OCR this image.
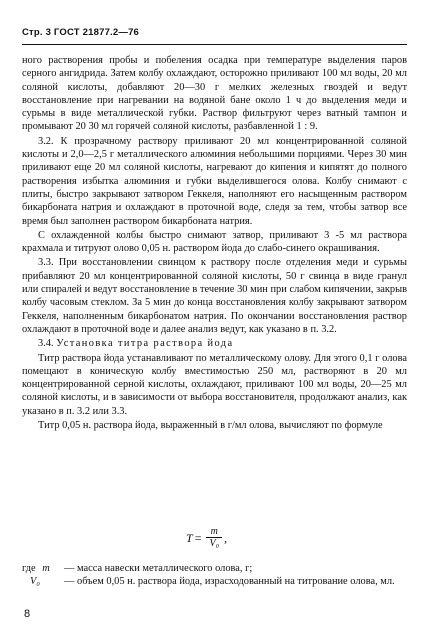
Стр. 3 ГОСТ 21877.2—76

ного растворения пробы и побеления осадка при температуре выделения паров серного ангидрида. Затем колбу охлаждают, осторожно приливают 100 мл воды, 20 мл соляной кислоты, добавляют 20—30 г мелких железных гвоздей и ведут восстановление при нагревании на водяной бане около 1 ч до выделения меди и сурьмы в виде металлической губки. Раствор фильтруют через ватный тампон и промывают 20 30 мл горячей соляной кислоты, разбавленной 1 : 9.

3.2. К прозрачному раствору приливают 20 мл концентрированной соляной кислоты и 2,0—2,5 г металлического алюминия небольшими порциями. Через 30 мин приливают еще 20 мл соляной кислоты, нагревают до кипения и кипятят до полного растворения избытка алюминия и губки выделившегося олова. Колбу снимают с плиты, быстро закрывают затвором Геккеля, наполняют его насыщенным раствором бикарбоната натрия и охлаждают в проточной воде, следя за тем, чтобы затвор все время был заполнен раствором бикарбоната натрия.

С охлажденной колбы быстро снимают затвор, приливают 3 -5 мл раствора крахмала и титруют олово 0,05 н. раствором йода до слабо-синего окрашивания.

3.3. При восстановлении свинцом к раствору после отделения меди и сурьмы прибавляют 20 мл концентрированной соляной кислоты, 50 г свинца в виде гранул или спиралей и ведут восстановление в течение 30 мин при слабом кипячении, закрыв колбу часовым стеклом. За 5 мин до конца восстановления колбу закрывают затвором Геккеля, наполненным бикарбонатом натрия. По окончании восстановления раствор охлаждают в проточной воде и далее анализ ведут, как указано в п. 3.2.

3.4. Установка титра раствора йода

Титр раствора йода устанавливают по металлическому олову. Для этого 0,1 г олова помещают в коническую колбу вместимостью 250 мл, растворяют в 20 мл концентрированной серной кислоты, охлаждают, приливают 100 мл воды, 20—25 мл соляной кислоты, и в зависимости от выбора восстановителя, продолжают анализ, как указано в п. 3.2 или 3.3.

Титр 0,05 н. раствора йода, выраженный в г/мл олова, вычисляют по формуле

$T = \frac{m}{\text{V₀}}$ ,
где m	— масса навески металлического олова, г;
V₀	— объем 0,05 н. раствора йода, израсходованный на титрование олова, мл.
8
